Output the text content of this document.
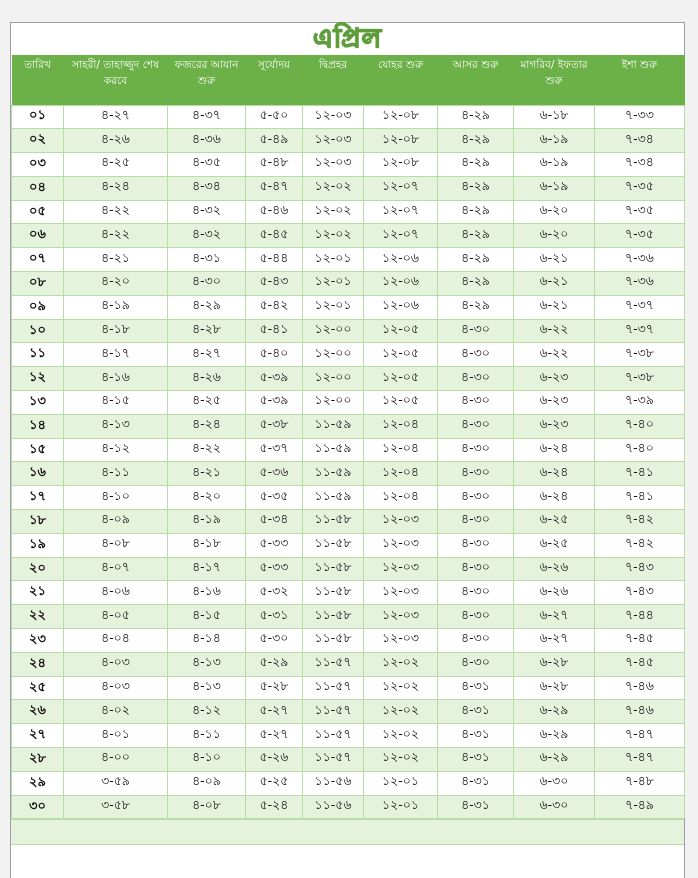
এপ্রিল
তারিখ	সাহরী/ তাহাজ্জুদ শেষ করবে	ফজরের আযান শুরু	সূর্যোদয়	দ্বিপ্রহর	যোহর শুরু	আসর শুরু	মাগরিব/ ইফতার শুরু	ইশা শুরু
০১	৪-২৭	৪-৩৭	৫-৫০	১২-০৩	১২-০৮	৪-২৯	৬-১৮	৭-৩৩
০২	৪-২৬	৪-৩৬	৫-৪৯	১২-০৩	১২-০৮	৪-২৯	৬-১৯	৭-৩৪
০৩	৪-২৫	৪-৩৫	৫-৪৮	১২-০৩	১২-০৮	৪-২৯	৬-১৯	৭-৩৪
০৪	৪-২৪	৪-৩৪	৫-৪৭	১২-০২	১২-০৭	৪-২৯	৬-১৯	৭-৩৫
০৫	৪-২২	৪-৩২	৫-৪৬	১২-০২	১২-০৭	৪-২৯	৬-২০	৭-৩৫
০৬	৪-২২	৪-৩২	৫-৪৫	১২-০২	১২-০৭	৪-২৯	৬-২০	৭-৩৫
০৭	৪-২১	৪-৩১	৫-৪৪	১২-০১	১২-০৬	৪-২৯	৬-২১	৭-৩৬
০৮	৪-২০	৪-৩০	৫-৪৩	১২-০১	১২-০৬	৪-২৯	৬-২১	৭-৩৬
০৯	৪-১৯	৪-২৯	৫-৪২	১২-০১	১২-০৬	৪-২৯	৬-২১	৭-৩৭
১০	৪-১৮	৪-২৮	৫-৪১	১২-০০	১২-০৫	৪-৩০	৬-২২	৭-৩৭
১১	৪-১৭	৪-২৭	৫-৪০	১২-০০	১২-০৫	৪-৩০	৬-২২	৭-৩৮
১২	৪-১৬	৪-২৬	৫-৩৯	১২-০০	১২-০৫	৪-৩০	৬-২৩	৭-৩৮
১৩	৪-১৫	৪-২৫	৫-৩৯	১২-০০	১২-০৫	৪-৩০	৬-২৩	৭-৩৯
১৪	৪-১৩	৪-২৪	৫-৩৮	১১-৫৯	১২-০৪	৪-৩০	৬-২৩	৭-৪০
১৫	৪-১২	৪-২২	৫-৩৭	১১-৫৯	১২-০৪	৪-৩০	৬-২৪	৭-৪০
১৬	৪-১১	৪-২১	৫-৩৬	১১-৫৯	১২-০৪	৪-৩০	৬-২৪	৭-৪১
১৭	৪-১০	৪-২০	৫-৩৫	১১-৫৯	১২-০৪	৪-৩০	৬-২৪	৭-৪১
১৮	৪-০৯	৪-১৯	৫-৩৪	১১-৫৮	১২-০৩	৪-৩০	৬-২৫	৭-৪২
১৯	৪-০৮	৪-১৮	৫-৩৩	১১-৫৮	১২-০৩	৪-৩০	৬-২৫	৭-৪২
২০	৪-০৭	৪-১৭	৫-৩৩	১১-৫৮	১২-০৩	৪-৩০	৬-২৬	৭-৪৩
২১	৪-০৬	৪-১৬	৫-৩২	১১-৫৮	১২-০৩	৪-৩০	৬-২৬	৭-৪৩
২২	৪-০৫	৪-১৫	৫-৩১	১১-৫৮	১২-০৩	৪-৩০	৬-২৭	৭-৪৪
২৩	৪-০৪	৪-১৪	৫-৩০	১১-৫৮	১২-০৩	৪-৩০	৬-২৭	৭-৪৫
২৪	৪-০৩	৪-১৩	৫-২৯	১১-৫৭	১২-০২	৪-৩০	৬-২৮	৭-৪৫
২৫	৪-০৩	৪-১৩	৫-২৮	১১-৫৭	১২-০২	৪-৩১	৬-২৮	৭-৪৬
২৬	৪-০২	৪-১২	৫-২৭	১১-৫৭	১২-০২	৪-৩১	৬-২৯	৭-৪৬
২৭	৪-০১	৪-১১	৫-২৭	১১-৫৭	১২-০২	৪-৩১	৬-২৯	৭-৪৭
২৮	৪-০০	৪-১০	৫-২৬	১১-৫৭	১২-০২	৪-৩১	৬-২৯	৭-৪৭
২৯	৩-৫৯	৪-০৯	৫-২৫	১১-৫৬	১২-০১	৪-৩১	৬-৩০	৭-৪৮
৩০	৩-৫৮	৪-০৮	৫-২৪	১১-৫৬	১২-০১	৪-৩১	৬-৩০	৭-৪৯
